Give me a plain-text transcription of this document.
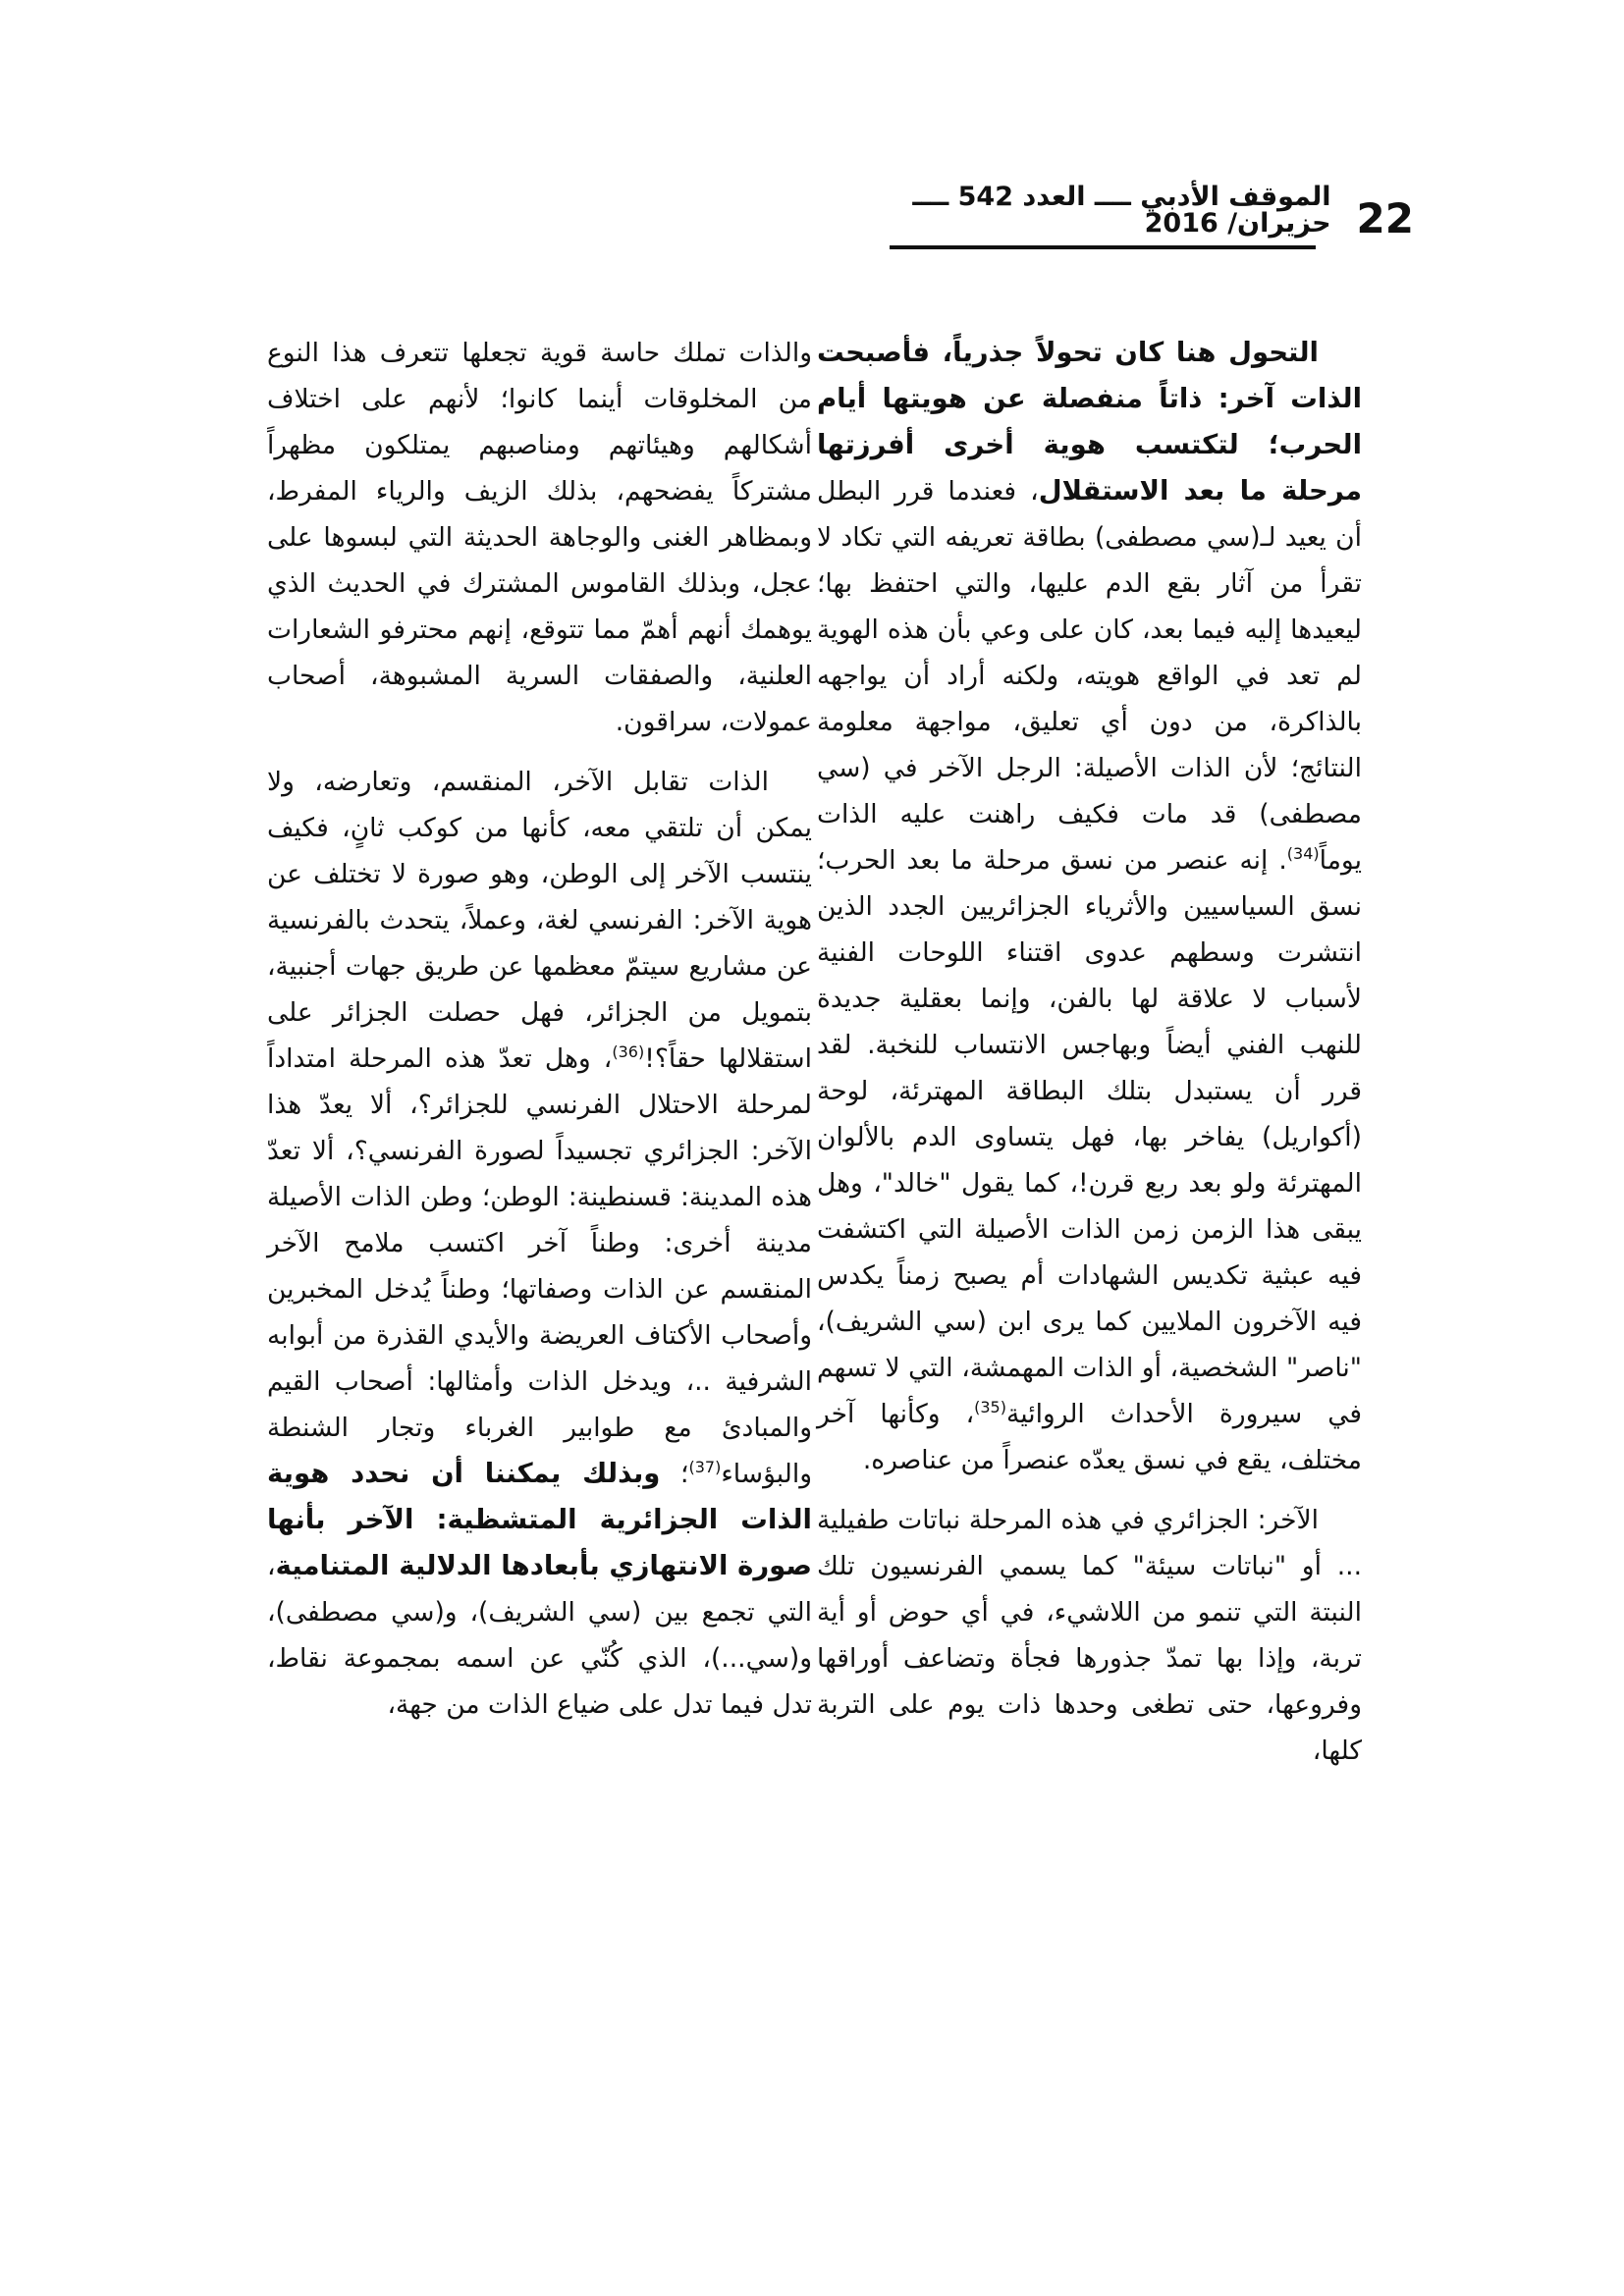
22
الموقف الأدبي ــــ العدد 542 ــــ حزيران/ 2016

التحول هنا كان تحولاً جذرياً، فأصبحت الذات آخر: ذاتاً منفصلة عن هويتها أيام الحرب؛ لتكتسب هوية أخرى أفرزتها مرحلة ما بعد الاستقلال، فعندما قرر البطل أن يعيد لـ(سي مصطفى) بطاقة تعريفه التي تكاد لا تقرأ من آثار بقع الدم عليها، والتي احتفظ بها؛ ليعيدها إليه فيما بعد، كان على وعي بأن هذه الهوية لم تعد في الواقع هويته، ولكنه أراد أن يواجهه بالذاكرة، من دون أي تعليق، مواجهة معلومة النتائج؛ لأن الذات الأصيلة: الرجل الآخر في (سي مصطفى) قد مات فكيف راهنت عليه الذات يوماً$^{(34)}$. إنه عنصر من نسق مرحلة ما بعد الحرب؛ نسق السياسيين والأثرياء الجزائريين الجدد الذين انتشرت وسطهم عدوى اقتناء اللوحات الفنية لأسباب لا علاقة لها بالفن، وإنما بعقلية جديدة للنهب الفني أيضاً وبهاجس الانتساب للنخبة. لقد قرر أن يستبدل بتلك البطاقة المهترئة، لوحة (أكواريل) يفاخر بها، فهل يتساوى الدم بالألوان المهترئة ولو بعد ربع قرن!، كما يقول "خالد"، وهل يبقى هذا الزمن زمن الذات الأصيلة التي اكتشفت فيه عبثية تكديس الشهادات أم يصبح زمناً يكدس فيه الآخرون الملايين كما يرى ابن (سي الشريف)، "ناصر" الشخصية، أو الذات المهمشة، التي لا تسهم في سيرورة الأحداث الروائية$^{(35)}$، وكأنها آخر مختلف، يقع في نسق يعدّه عنصراً من عناصره.

الآخر: الجزائري في هذه المرحلة نباتات طفيلية ... أو "نباتات سيئة" كما يسمي الفرنسيون تلك النبتة التي تنمو من اللاشيء، في أي حوض أو أية تربة، وإذا بها تمدّ جذورها فجأة وتضاعف أوراقها وفروعها، حتى تطغى وحدها ذات يوم على التربة كلها،

والذات تملك حاسة قوية تجعلها تتعرف هذا النوع من المخلوقات أينما كانوا؛ لأنهم على اختلاف أشكالهم وهيئاتهم ومناصبهم يمتلكون مظهراً مشتركاً يفضحهم، بذلك الزيف والرياء المفرط، وبمظاهر الغنى والوجاهة الحديثة التي لبسوها على عجل، وبذلك القاموس المشترك في الحديث الذي يوهمك أنهم أهمّ مما تتوقع، إنهم محترفو الشعارات العلنية، والصفقات السرية المشبوهة، أصحاب عمولات، سراقون.

الذات تقابل الآخر، المنقسم، وتعارضه، ولا يمكن أن تلتقي معه، كأنها من كوكب ثانٍ، فكيف ينتسب الآخر إلى الوطن، وهو صورة لا تختلف عن هوية الآخر: الفرنسي لغة، وعملاً، يتحدث بالفرنسية عن مشاريع سيتمّ معظمها عن طريق جهات أجنبية، بتمويل من الجزائر، فهل حصلت الجزائر على استقلالها حقاً؟!$^{(36)}$، وهل تعدّ هذه المرحلة امتداداً لمرحلة الاحتلال الفرنسي للجزائر؟، ألا يعدّ هذا الآخر: الجزائري تجسيداً لصورة الفرنسي؟، ألا تعدّ هذه المدينة: قسنطينة: الوطن؛ وطن الذات الأصيلة مدينة أخرى: وطناً آخر اكتسب ملامح الآخر المنقسم عن الذات وصفاتها؛ وطناً يُدخل المخبرين وأصحاب الأكتاف العريضة والأيدي القذرة من أبوابه الشرفية ..، ويدخل الذات وأمثالها: أصحاب القيم والمبادئ مع طوابير الغرباء وتجار الشنطة والبؤساء$^{(37)}$؛ وبذلك يمكننا أن نحدد هوية الذات الجزائرية المتشظية: الآخر بأنها صورة الانتهازي بأبعادها الدلالية المتنامية، التي تجمع بين (سي الشريف)، و(سي مصطفى)، و(سي...)، الذي كُنّي عن اسمه بمجموعة نقاط، تدل فيما تدل على ضياع الذات من جهة،
